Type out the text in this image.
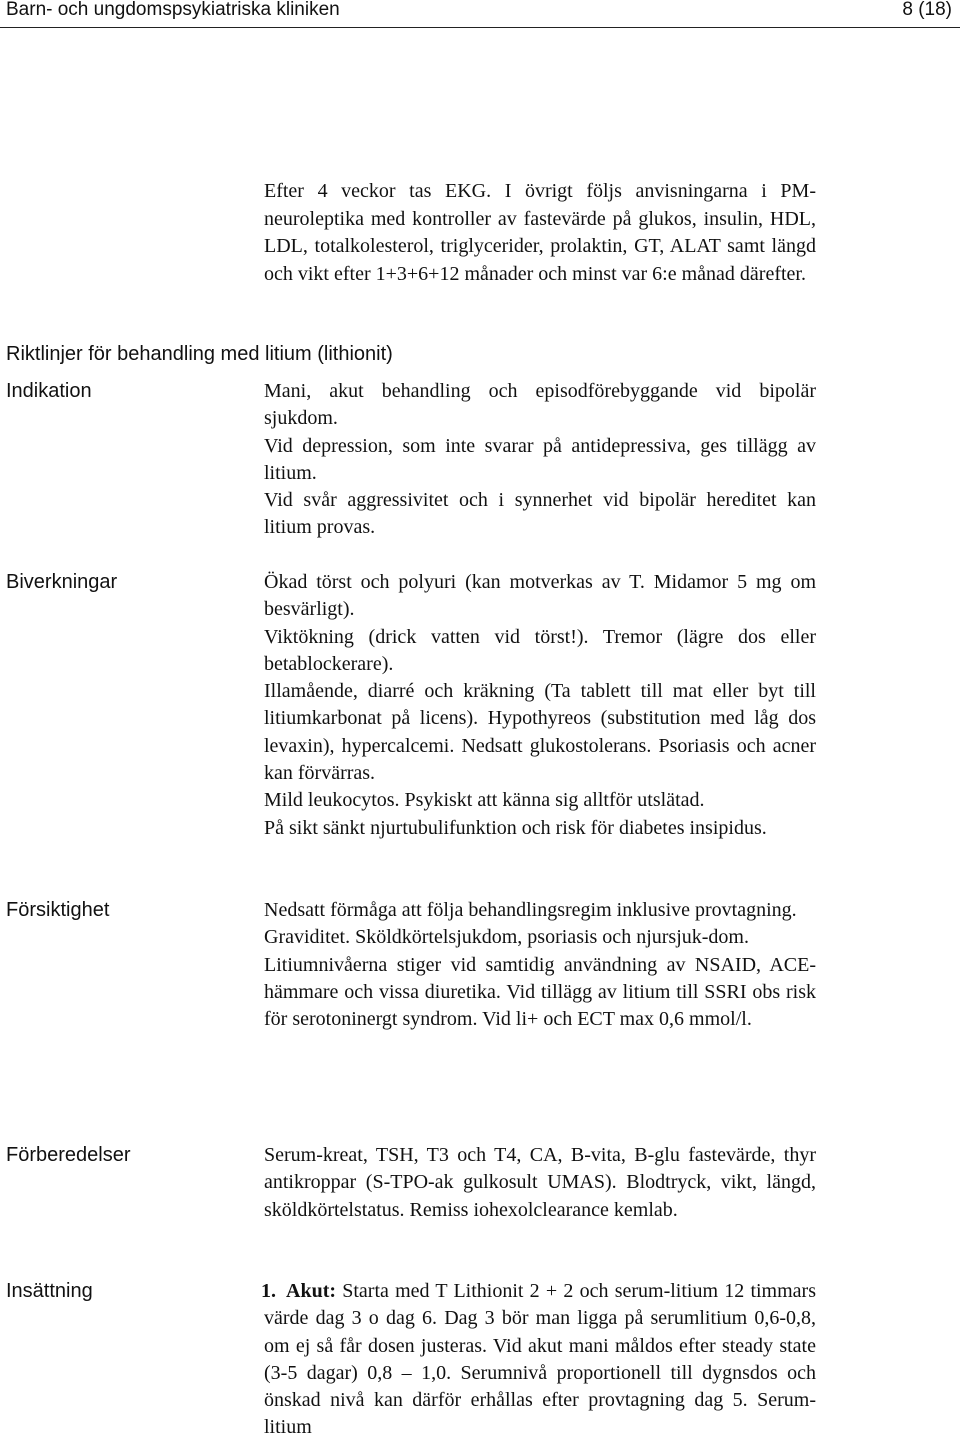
Barn- och ungdomspsykiatriska kliniken	8 (18)
Efter 4 veckor tas EKG. I övrigt följs anvisningarna i PM-neuroleptika med kontroller av fastevärde på glukos, insulin, HDL, LDL, totalkolesterol, triglycerider, prolaktin, GT, ALAT samt längd och vikt efter 1+3+6+12 månader och minst var 6:e månad därefter.
Riktlinjer för behandling med litium (lithionit)
Indikation	Mani, akut behandling och episodförebyggande vid bipolär sjukdom.

Vid depression, som inte svarar på antidepressiva, ges tillägg av litium.

Vid svår aggressivitet och i synnerhet vid bipolär hereditet kan litium provas.

Biverkningar	Ökad törst och polyuri (kan motverkas av T. Midamor 5 mg om besvärligt).

Viktökning (drick vatten vid törst!). Tremor (lägre dos eller betablockerare).

Illamående, diarré och kräkning (Ta tablett till mat eller byt till litiumkarbonat på licens). Hypothyreos (substitution med låg dos levaxin), hypercalcemi. Nedsatt glukostolerans. Psoriasis och acner kan förvärras.

Mild leukocytos. Psykiskt att känna sig alltför utslätad.

På sikt sänkt njurtubulifunktion och risk för diabetes insipidus.

Försiktighet	Nedsatt förmåga att följa behandlingsregim inklusive provtagning.

Graviditet. Sköldkörtelsjukdom, psoriasis och njursjuk-dom.

Litiumnivåerna stiger vid samtidig användning av NSAID, ACE-hämmare och vissa diuretika. Vid tillägg av litium till SSRI obs risk för serotoninergt syndrom. Vid li+ och ECT max 0,6 mmol/l.

Förberedelser	Serum-kreat, TSH, T3 och T4, CA, B-vita, B-glu fastevärde, thyr antikroppar (S-TPO-ak gulkosult UMAS). Blodtryck, vikt, längd, sköldkörtelstatus. Remiss iohexolclearance kemlab.

Insättning	1. Akut: Starta med T Lithionit 2 + 2 och serum-litium 12 timmars värde dag 3 o dag 6. Dag 3 bör man ligga på serumlitium 0,6-0,8, om ej så får dosen justeras. Vid akut mani måldos efter steady state (3-5 dagar) 0,8 – 1,0. Serumnivå proportionell till dygnsdos och önskad nivå kan därför erhållas efter provtagning dag 5. Serum-litium
